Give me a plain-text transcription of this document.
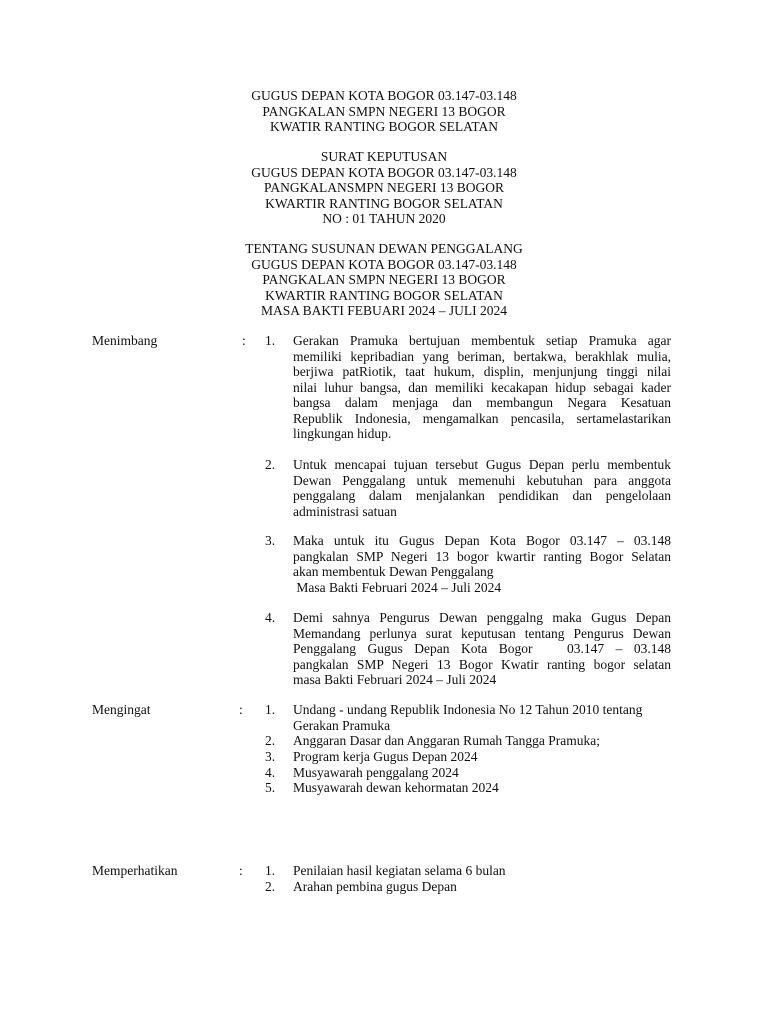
GUGUS DEPAN KOTA BOGOR 03.147-03.148
PANGKALAN SMPN NEGERI 13 BOGOR
KWATIR RANTING BOGOR SELATAN
SURAT KEPUTUSAN
GUGUS DEPAN KOTA BOGOR 03.147-03.148
PANGKALANSMPN NEGERI 13 BOGOR
KWARTIR RANTING BOGOR SELATAN
NO : 01 TAHUN 2020
TENTANG SUSUNAN DEWAN PENGGALANG
GUGUS DEPAN KOTA BOGOR 03.147-03.148
PANGKALAN SMPN NEGERI 13 BOGOR
KWARTIR RANTING BOGOR SELATAN
MASA BAKTI FEBUARI 2024 – JULI 2024
Menimbang	: 1. Gerakan Pramuka bertujuan membentuk setiap Pramuka agar
memiliki kepribadian yang beriman, bertakwa, berakhlak mulia,
berjiwa patRiotik, taat hukum, displin, menjunjung tinggi nilai
nilai luhur bangsa, dan memiliki kecakapan hidup sebagai kader
bangsa dalam menjaga dan membangun Negara Kesatuan
Republik Indonesia, mengamalkan pencasila, sertamelastarikan
lingkungan hidup.
2. Untuk mencapai tujuan tersebut Gugus Depan perlu membentuk
Dewan Penggalang untuk memenuhi kebutuhan para anggota
penggalang dalam menjalankan pendidikan dan pengelolaan
administrasi satuan
3. Maka untuk itu Gugus Depan Kota Bogor 03.147 – 03.148
pangkalan SMP Negeri 13 bogor kwartir ranting Bogor Selatan
akan membentuk Dewan Penggalang
Masa Bakti Februari 2024 – Juli 2024
4. Demi sahnya Pengurus Dewan penggalng maka Gugus Depan
Memandang perlunya surat keputusan tentang Pengurus Dewan
Penggalang Gugus Depan Kota Bogor   03.147 – 03.148
pangkalan SMP Negeri 13 Bogor Kwatir ranting bogor selatan
masa Bakti Februari 2024 – Juli 2024
Mengingat	: 1. Undang - undang Republik Indonesia No 12 Tahun 2010 tentang
Gerakan Pramuka
2. Anggaran Dasar dan Anggaran Rumah Tangga Pramuka;
3. Program kerja Gugus Depan 2024
4. Musyawarah penggalang 2024
5. Musyawarah dewan kehormatan 2024
Memperhatikan	: 1. Penilaian hasil kegiatan selama 6 bulan
2. Arahan pembina gugus Depan
